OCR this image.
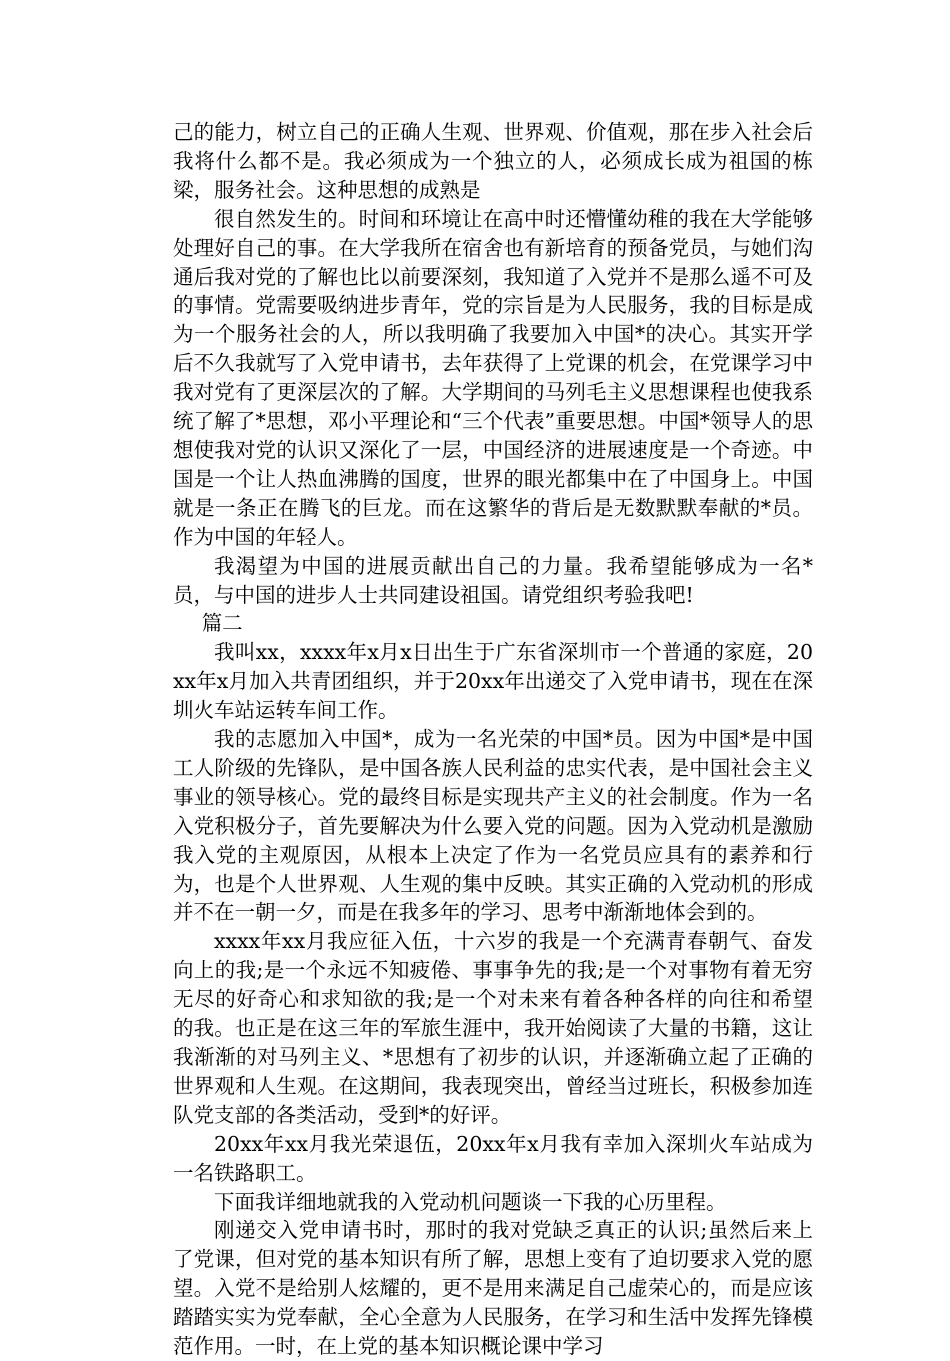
己的能力，树立自己的正确人生观、世界观、价值观，那在步入社会后我将什么都不是。我必须成为一个独立的人，必须成长成为祖国的栋梁，服务社会。这种思想的成熟是

很自然发生的。时间和环境让在高中时还懵懂幼稚的我在大学能够处理好自己的事。在大学我所在宿舍也有新培育的预备党员，与她们沟通后我对党的了解也比以前要深刻，我知道了入党并不是那么遥不可及的事情。党需要吸纳进步青年，党的宗旨是为人民服务，我的目标是成为一个服务社会的人，所以我明确了我要加入中国*的决心。其实开学后不久我就写了入党申请书，去年获得了上党课的机会，在党课学习中我对党有了更深层次的了解。大学期间的马列毛主义思想课程也使我系统了解了*思想，邓小平理论和“三个代表”重要思想。中国*领导人的思想使我对党的认识又深化了一层，中国经济的进展速度是一个奇迹。中国是一个让人热血沸腾的国度，世界的眼光都集中在了中国身上。中国就是一条正在腾飞的巨龙。而在这繁华的背后是无数默默奉献的*员。作为中国的年轻人。

我渴望为中国的进展贡献出自己的力量。我希望能够成为一名*员，与中国的进步人士共同建设祖国。请党组织考验我吧!

篇二

我叫xx，xxxx年x月x日出生于广东省深圳市一个普通的家庭，20xx年x月加入共青团组织，并于20xx年出递交了入党申请书，现在在深圳火车站运转车间工作。

我的志愿加入中国*，成为一名光荣的中国*员。因为中国*是中国工人阶级的先锋队，是中国各族人民利益的忠实代表，是中国社会主义事业的领导核心。党的最终目标是实现共产主义的社会制度。作为一名入党积极分子，首先要解决为什么要入党的问题。因为入党动机是激励我入党的主观原因，从根本上决定了作为一名党员应具有的素养和行为，也是个人世界观、人生观的集中反映。其实正确的入党动机的形成并不在一朝一夕，而是在我多年的学习、思考中渐渐地体会到的。

xxxx年xx月我应征入伍，十六岁的我是一个充满青春朝气、奋发向上的我;是一个永远不知疲倦、事事争先的我;是一个对事物有着无穷无尽的好奇心和求知欲的我;是一个对未来有着各种各样的向往和希望的我。也正是在这三年的军旅生涯中，我开始阅读了大量的书籍，这让我渐渐的对马列主义、*思想有了初步的认识，并逐渐确立起了正确的世界观和人生观。在这期间，我表现突出，曾经当过班长，积极参加连队党支部的各类活动，受到*的好评。

20xx年xx月我光荣退伍，20xx年x月我有幸加入深圳火车站成为一名铁路职工。

下面我详细地就我的入党动机问题谈一下我的心历里程。

刚递交入党申请书时，那时的我对党缺乏真正的认识;虽然后来上了党课，但对党的基本知识有所了解，思想上变有了迫切要求入党的愿望。入党不是给别人炫耀的，更不是用来满足自己虚荣心的，而是应该踏踏实实为党奉献，全心全意为人民服务，在学习和生活中发挥先锋模范作用。一时，在上党的基本知识概论课中学习
